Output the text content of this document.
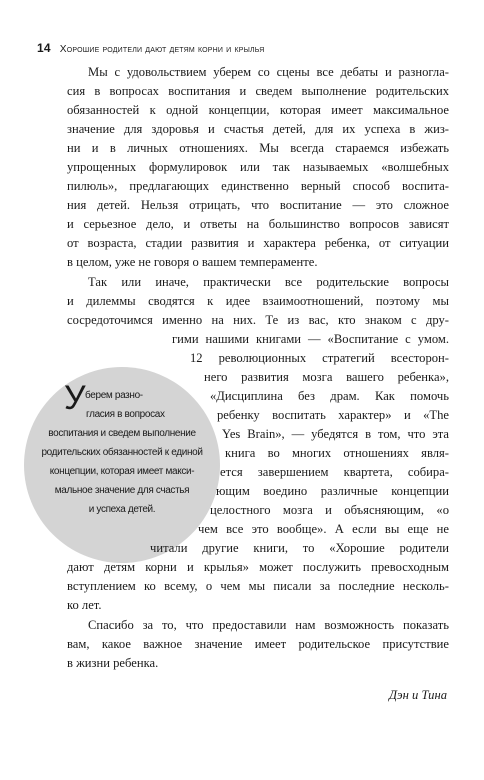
14 Хорошие родители дают детям корни и крылья
У берем разно-
гласия в вопросах
воспитания и сведем выполнение
родительских обязанностей к единой
концепции, которая имеет макси-
мальное значение для счастья
и успеха детей.
Мы с удовольствием уберем со сцены все дебаты и разногла-
сия в вопросах воспитания и сведем выполнение родительских
обязанностей к одной концепции, которая имеет максимальное
значение для здоровья и счастья детей, для их успеха в жиз-
ни и в личных отношениях. Мы всегда стараемся избежать
упрощенных формулировок или так называемых «волшебных
пилюль», предлагающих единственно верный способ воспита-
ния детей. Нельзя отрицать, что воспитание — это сложное
и серьезное дело, и ответы на большинство вопросов зависят
от возраста, стадии развития и характера ребенка, от ситуации
в целом, уже не говоря о вашем темпераменте.
Так или иначе, практически все родительские вопросы
и дилеммы сводятся к идее взаимоотношений, поэтому мы
сосредоточимся именно на них. Те из вас, кто знаком с дру-
гими нашими книгами — «Воспитание с умом.
12 революционных стратегий всесторон-
него развития мозга вашего ребенка»,
«Дисциплина без драм. Как помочь
ребенку воспитать характер» и «The
Yes Brain», — убедятся в том, что эта
книга во многих отношениях явля-
ется завершением квартета, собира-
ющим воедино различные концепции
целостного мозга и объясняющим, «о
чем все это вообще». А если вы еще не
читали другие книги, то «Хорошие родители
дают детям корни и крылья» может послужить превосходным
вступлением ко всему, о чем мы писали за последние несколь-
ко лет.
Спасибо за то, что предоставили нам возможность показать
вам, какое важное значение имеет родительское присутствие
в жизни ребенка.
Дэн и Тина
